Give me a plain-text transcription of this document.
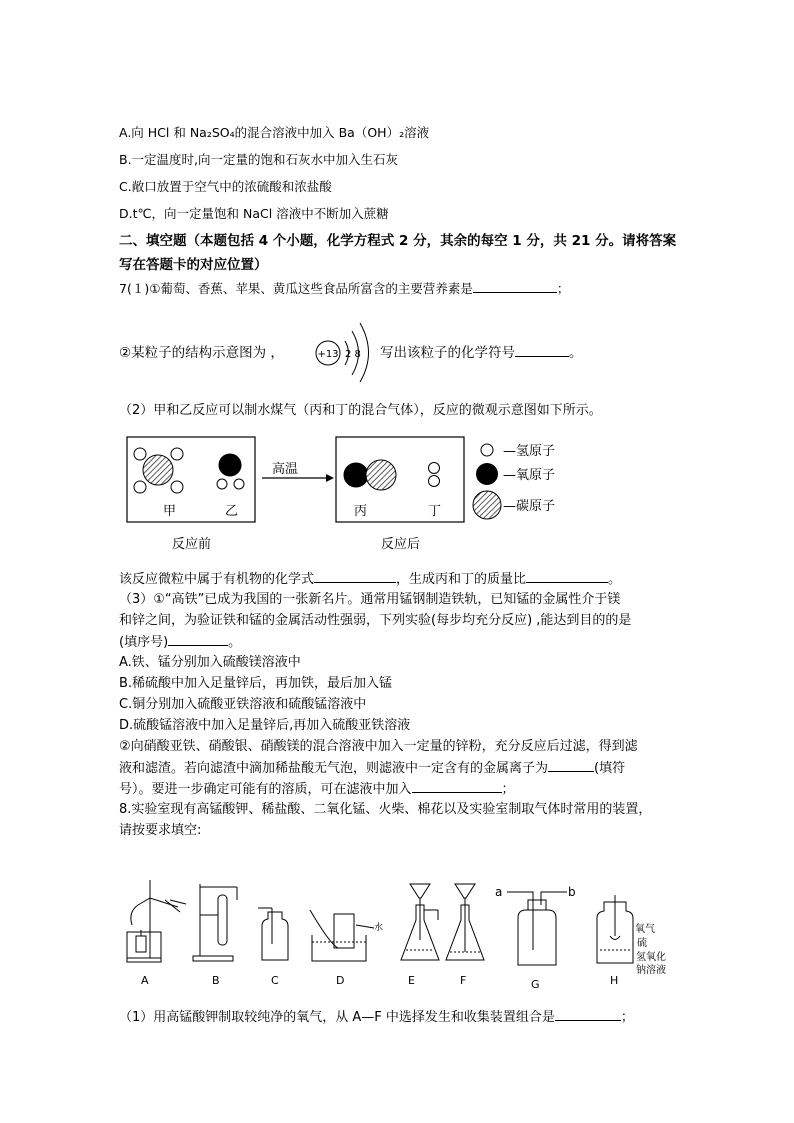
A.向 HCl 和 Na₂SO₄的混合溶液中加入 Ba（OH）₂溶液
B.一定温度时,向一定量的饱和石灰水中加入生石灰
C.敞口放置于空气中的浓硫酸和浓盐酸
D.t℃，向一定量饱和 NaCl 溶液中不断加入蔗糖
二、填空题（本题包括 4 个小题，化学方程式 2 分，其余的每空 1 分，共 21 分。请将答案
写在答题卡的对应位置）
7(１)①葡萄、香蕉、苹果、黄瓜这些食品所富含的主要营养素是	；
②某粒子的结构示意图为 ，	+13 2 8 写出该粒子的化学符号	。
（2）甲和乙反应可以制水煤气（丙和丁的混合气体），反应的微观示意图如下所示。
甲	乙
高温
丙	丁
反应前	反应后
—氢原子
—氧原子
—碳原子
该反应微粒中属于有机物的化学式	，生成丙和丁的质量比	。
（3）①“高铁”已成为我国的一张新名片。通常用锰钢制造铁轨，已知锰的金属性介于镁
和锌之间，为验证铁和锰的金属活动性强弱，下列实验(每步均充分反应) ,能达到目的的是
(填序号)	。
A.铁、锰分别加入硫酸镁溶液中
B.稀硫酸中加入足量锌后，再加铁，最后加入锰
C.铜分别加入硫酸亚铁溶液和硫酸锰溶液中
D.硫酸锰溶液中加入足量锌后,再加入硫酸亚铁溶液
②向硝酸亚铁、硝酸银、硝酸镁的混合溶液中加入一定量的锌粉，充分反应后过滤，得到滤
液和滤渣。若向滤渣中滴加稀盐酸无气泡，则滤液中一定含有的金属离子为	(填符
号）。要进一步确定可能有的溶质，可在滤液中加入	；
8.实验室现有高锰酸钾、稀盐酸、二氧化锰、火柴、棉花以及实验室制取气体时常用的装置，
请按要求填空:
A	B	C	D	E	F	G	H
水
a	b
氧气
硫
氢氧化
钠溶液
（1）用高锰酸钾制取较纯净的氧气，从 A—F 中选择发生和收集装置组合是	；
